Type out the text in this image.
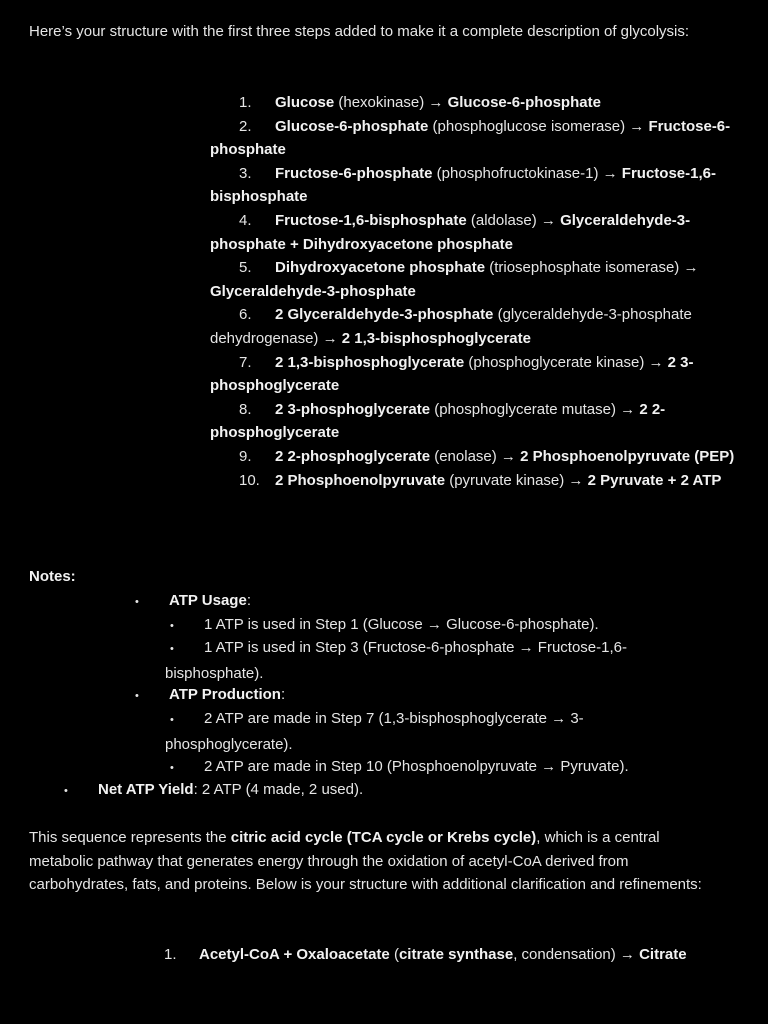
Here’s your structure with the first three steps added to make it a complete description of glycolysis:

1. Glucose (hexokinase) → Glucose-6-phosphate

2. Glucose-6-phosphate (phosphoglucose isomerase) → Fructose-6-phosphate

3. Fructose-6-phosphate (phosphofructokinase-1) → Fructose-1,6-bisphosphate

4. Fructose-1,6-bisphosphate (aldolase) → Glyceraldehyde-3-phosphate + Dihydroxyacetone phosphate

5. Dihydroxyacetone phosphate (triosephosphate isomerase) → Glyceraldehyde-3-phosphate

6. 2 Glyceraldehyde-3-phosphate (glyceraldehyde-3-phosphate dehydrogenase) → 2 1,3-bisphosphoglycerate

7. 2 1,3-bisphosphoglycerate (phosphoglycerate kinase) → 2 3-phosphoglycerate

8. 2 3-phosphoglycerate (phosphoglycerate mutase) → 2 2-phosphoglycerate

9. 2 2-phosphoglycerate (enolase) → 2 Phosphoenolpyruvate (PEP)

10. 2 Phosphoenolpyruvate (pyruvate kinase) → 2 Pyruvate + 2 ATP

Notes:

• ATP Usage:

• 1 ATP is used in Step 1 (Glucose → Glucose-6-phosphate).

• 1 ATP is used in Step 3 (Fructose-6-phosphate → Fructose-1,6-bisphosphate).

• ATP Production:

• 2 ATP are made in Step 7 (1,3-bisphosphoglycerate → 3-phosphoglycerate).

• 2 ATP are made in Step 10 (Phosphoenolpyruvate → Pyruvate).

• Net ATP Yield: 2 ATP (4 made, 2 used).

This sequence represents the citric acid cycle (TCA cycle or Krebs cycle), which is a central metabolic pathway that generates energy through the oxidation of acetyl-CoA derived from carbohydrates, fats, and proteins. Below is your structure with additional clarification and refinements:

1. Acetyl-CoA + Oxaloacetate (citrate synthase, condensation) → Citrate
